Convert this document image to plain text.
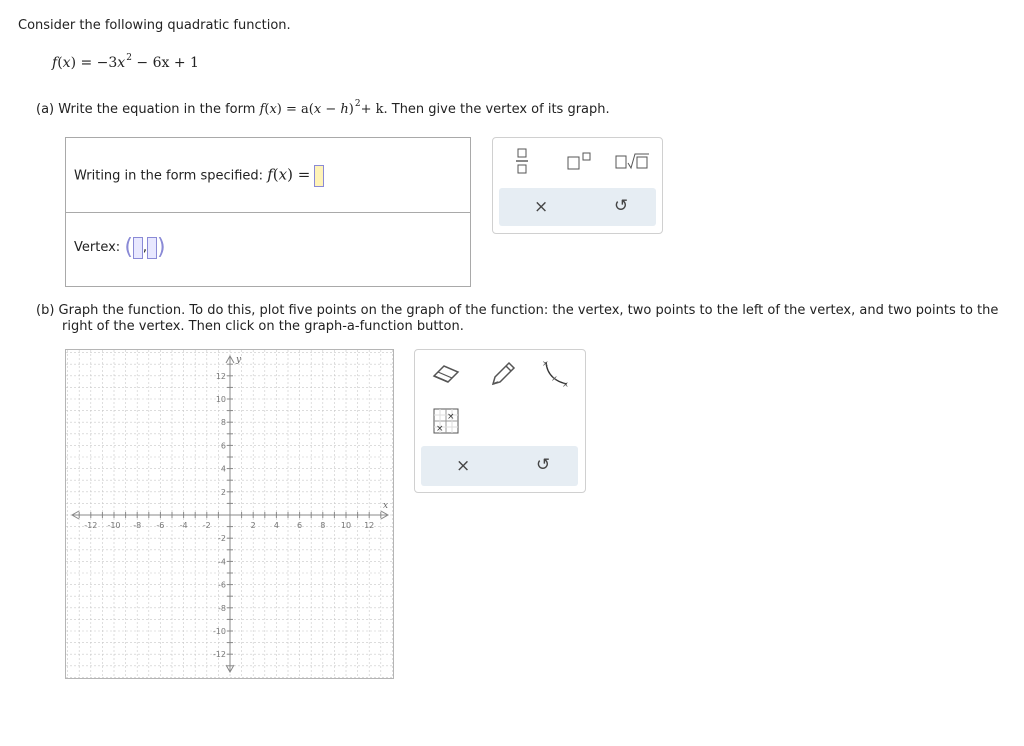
Consider the following quadratic function.
$f(x) = -3x^2 - 6x + 1$
(a) Write the equation in the form $f(x) = a(x - h)^2+ k$. Then give the vertex of its graph.
Writing in the form specified: f(x) =
Vertex: ( , )
×	↺
(b) Graph the function. To do this, plot five points on the graph of the function: the vertex, two points to the left of the vertex, and two points to the
right of the vertex. Then click on the graph-a-function button.
-12 -10 -8 -6 -4 -2	2 4 6 8 10 12
12
10
8
6
4
2
-2
-4
-6
-8
-10
-12
x
y	×
×
×
×
×
×	↺
